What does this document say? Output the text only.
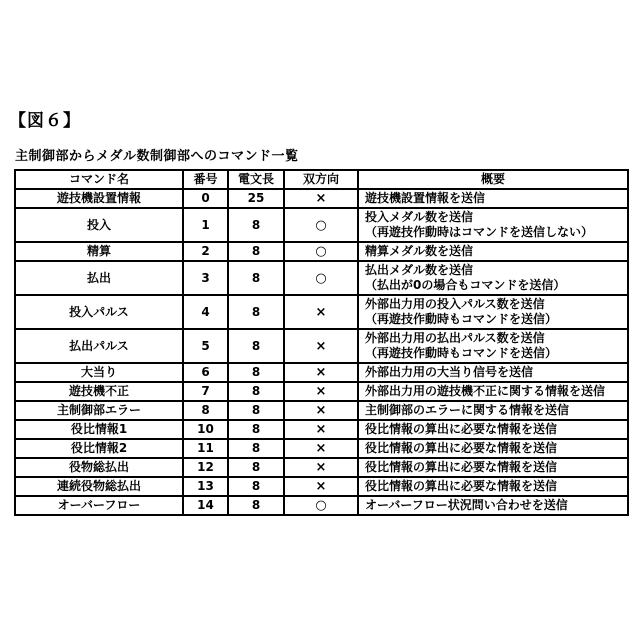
【図６】
主制御部からメダル数制御部へのコマンド一覧
コマンド名	番号	電文長	双方向	概要
遊技機設置情報	0	25	×	遊技機設置情報を送信
投入	1	8	○	投入メダル数を送信
（再遊技作動時はコマンドを送信しない）
精算	2	8	○	精算メダル数を送信
払出	3	8	○	払出メダル数を送信
（払出が0の場合もコマンドを送信）
投入パルス	4	8	×	外部出力用の投入パルス数を送信
（再遊技作動時もコマンドを送信）
払出パルス	5	8	×	外部出力用の払出パルス数を送信
（再遊技作動時もコマンドを送信）
大当り	6	8	×	外部出力用の大当り信号を送信
遊技機不正	7	8	×	外部出力用の遊技機不正に関する情報を送信
主制御部エラー	8	8	×	主制御部のエラーに関する情報を送信
役比情報1	10	8	×	役比情報の算出に必要な情報を送信
役比情報2	11	8	×	役比情報の算出に必要な情報を送信
役物総払出	12	8	×	役比情報の算出に必要な情報を送信
連続役物総払出	13	8	×	役比情報の算出に必要な情報を送信
オーバーフロー	14	8	○	オーバーフロー状況問い合わせを送信
